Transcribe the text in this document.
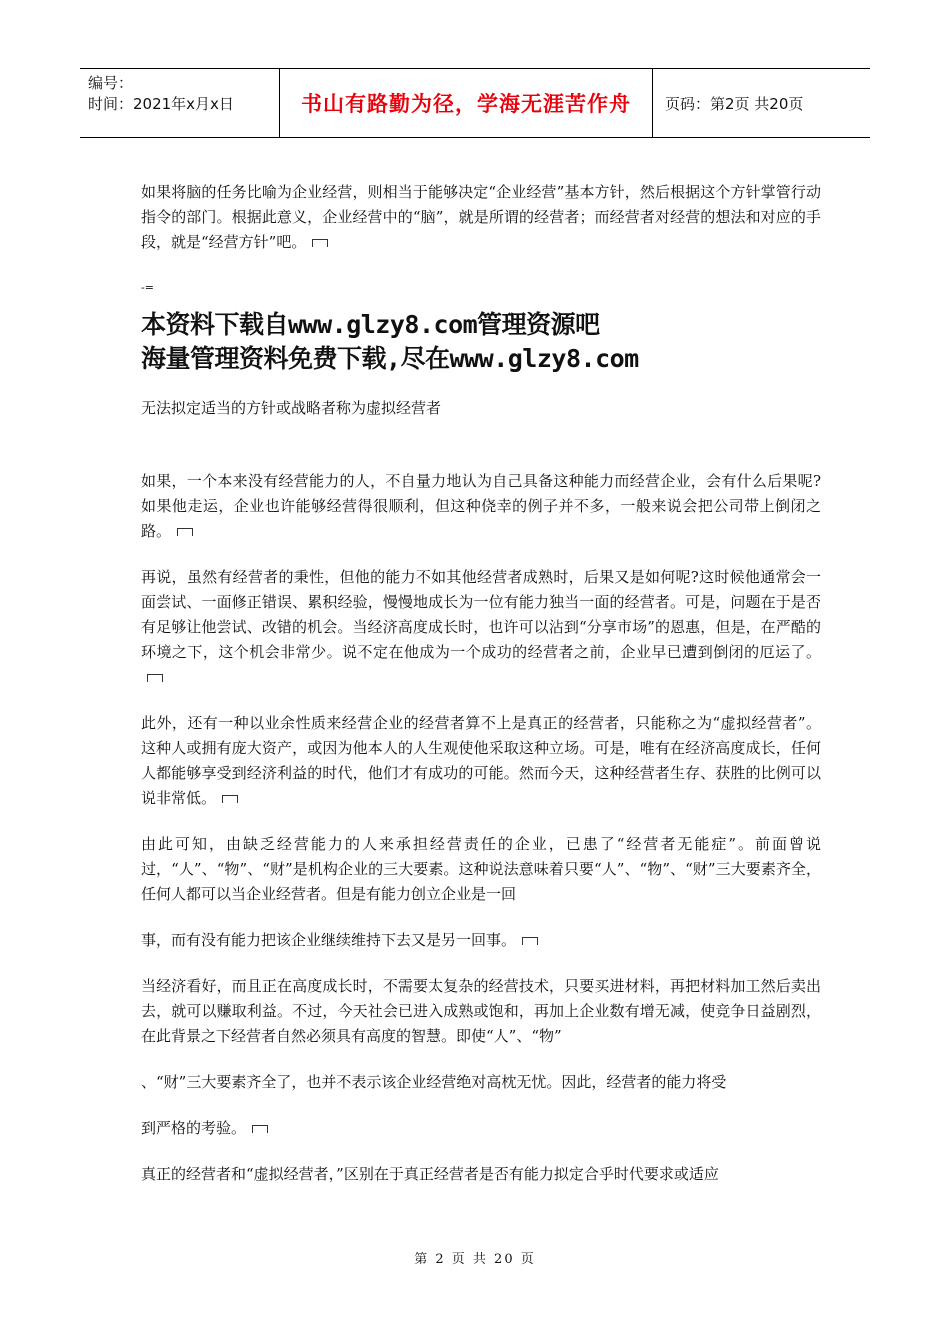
编号：
时间：2021年x月x日	书山有路勤为径，学海无涯苦作舟	页码：第2页 共20页

如果将脑的任务比喻为企业经营，则相当于能够决定“企业经营”基本方针，然后根据这个方针掌管行动指令的部门。根据此意义，企业经营中的“脑”，就是所谓的经营者；而经营者对经营的想法和对应的手段，就是“经营方针”吧。

-=

本资料下载自www.glzy8.com管理资源吧

海量管理资料免费下载,尽在www.glzy8.com

无法拟定适当的方针或战略者称为虚拟经营者

如果，一个本来没有经营能力的人，不自量力地认为自己具备这种能力而经营企业，会有什么后果呢?如果他走运，企业也许能够经营得很顺利，但这种侥幸的例子并不多，一般来说会把公司带上倒闭之路。

再说，虽然有经营者的秉性，但他的能力不如其他经营者成熟时，后果又是如何呢?这时候他通常会一面尝试、一面修正错误、累积经验，慢慢地成长为一位有能力独当一面的经营者。可是，问题在于是否有足够让他尝试、改错的机会。当经济高度成长时，也许可以沾到“分享市场”的恩惠，但是，在严酷的环境之下，这个机会非常少。说不定在他成为一个成功的经营者之前，企业早已遭到倒闭的厄运了。

此外，还有一种以业余性质来经营企业的经营者算不上是真正的经营者，只能称之为“虚拟经营者”。 这种人或拥有庞大资产，或因为他本人的人生观使他采取这种立场。可是，唯有在经济高度成长，任何人都能够享受到经济利益的时代，他们才有成功的可能。然而今天，这种经营者生存、获胜的比例可以说非常低。

由此可知，由缺乏经营能力的人来承担经营责任的企业，已患了“经营者无能症”。前面曾说过，“人”、“物”、“财”是机构企业的三大要素。这种说法意味着只要“人”、“物”、“财”三大要素齐全，任何人都可以当企业经营者。但是有能力创立企业是一回

事，而有没有能力把该企业继续维持下去又是另一回事。

当经济看好，而且正在高度成长时，不需要太复杂的经营技术，只要买进材料，再把材料加工然后卖出去，就可以赚取利益。不过，今天社会已进入成熟或饱和，再加上企业数有增无减，使竞争日益剧烈，在此背景之下经营者自然必须具有高度的智慧。即使“人”、“物”

、“财”三大要素齐全了，也并不表示该企业经营绝对高枕无忧。因此，经营者的能力将受

到严格的考验。

真正的经营者和“虚拟经营者，”区别在于真正经营者是否有能力拟定合乎时代要求或适应

第 2 页 共 20 页
